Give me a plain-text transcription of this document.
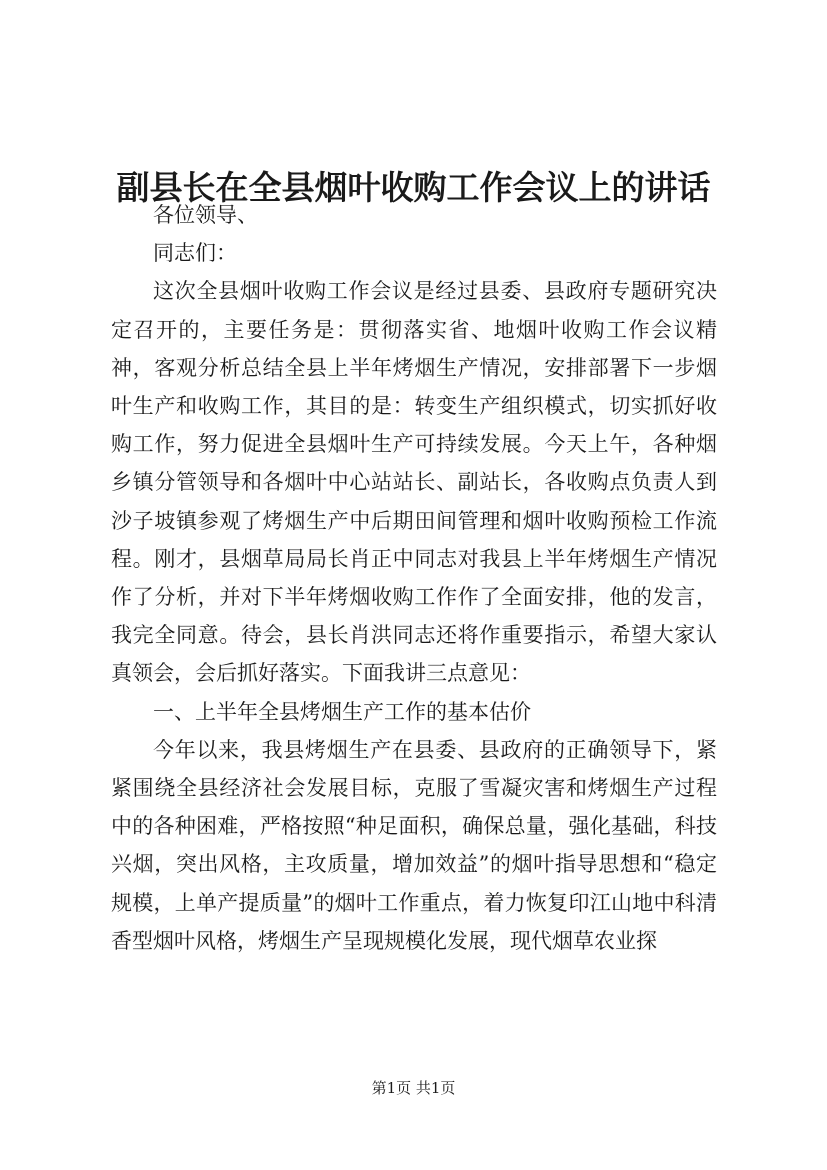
副县长在全县烟叶收购工作会议上的讲话

各位领导、

同志们：

这次全县烟叶收购工作会议是经过县委、县政府专题研究决定召开的，主要任务是：贯彻落实省、地烟叶收购工作会议精神，客观分析总结全县上半年烤烟生产情况，安排部署下一步烟叶生产和收购工作，其目的是：转变生产组织模式，切实抓好收购工作，努力促进全县烟叶生产可持续发展。今天上午，各种烟乡镇分管领导和各烟叶中心站站长、副站长，各收购点负责人到沙子坡镇参观了烤烟生产中后期田间管理和烟叶收购预检工作流程。刚才，县烟草局局长肖正中同志对我县上半年烤烟生产情况作了分析，并对下半年烤烟收购工作作了全面安排，他的发言，我完全同意。待会，县长肖洪同志还将作重要指示，希望大家认真领会，会后抓好落实。下面我讲三点意见：

一、上半年全县烤烟生产工作的基本估价

今年以来，我县烤烟生产在县委、县政府的正确领导下，紧紧围绕全县经济社会发展目标，克服了雪凝灾害和烤烟生产过程中的各种困难，严格按照“种足面积，确保总量，强化基础，科技兴烟，突出风格，主攻质量，增加效益”的烟叶指导思想和“稳定规模，上单产提质量”的烟叶工作重点，着力恢复印江山地中科清香型烟叶风格，烤烟生产呈现规模化发展，现代烟草农业探

第1页 共1页
